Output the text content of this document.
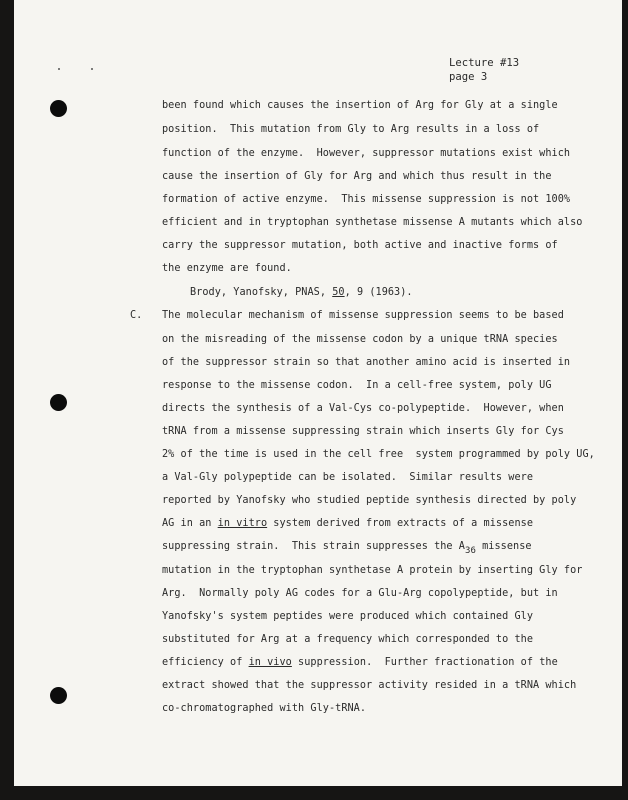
Lecture #13
page 3
been found which causes the insertion of Arg for Gly at a single
position.  This mutation from Gly to Arg results in a loss of
function of the enzyme.  However, suppressor mutations exist which
cause the insertion of Gly for Arg and which thus result in the
formation of active enzyme.  This missense suppression is not 100%
efficient and in tryptophan synthetase missense A mutants which also
carry the suppressor mutation, both active and inactive forms of
the enzyme are found.
Brody, Yanofsky, PNAS, 50, 9 (1963).
C. The molecular mechanism of missense suppression seems to be based
on the misreading of the missense codon by a unique tRNA species
of the suppressor strain so that another amino acid is inserted in
response to the missense codon.  In a cell-free system, poly UG
directs the synthesis of a Val-Cys co-polypeptide.  However, when
tRNA from a missense suppressing strain which inserts Gly for Cys
2% of the time is used in the cell free  system programmed by poly UG,
a Val-Gly polypeptide can be isolated.  Similar results were
reported by Yanofsky who studied peptide synthesis directed by poly
AG in an in vitro system derived from extracts of a missense
suppressing strain.  This strain suppresses the A36 missense
mutation in the tryptophan synthetase A protein by inserting Gly for
Arg.  Normally poly AG codes for a Glu-Arg copolypeptide, but in
Yanofsky's system peptides were produced which contained Gly
substituted for Arg at a frequency which corresponded to the
efficiency of in vivo suppression.  Further fractionation of the
extract showed that the suppressor activity resided in a tRNA which
co-chromatographed with Gly-tRNA.
